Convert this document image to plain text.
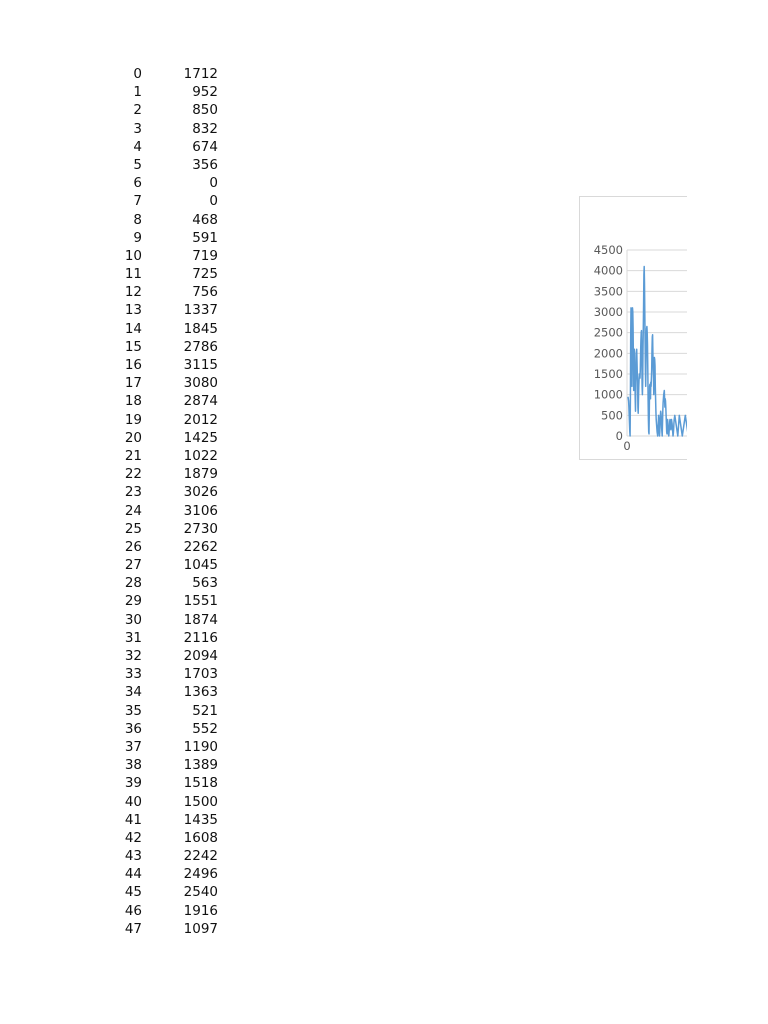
0	1712
1	952
2	850
3	832
4	674
5	356
6	0
7	0
8	468
9	591
10	719
11	725
12	756
13	1337
14	1845
15	2786
16	3115
17	3080
18	2874
19	2012
20	1425
21	1022
22	1879
23	3026
24	3106
25	2730
26	2262
27	1045
28	563
29	1551
30	1874
31	2116
32	2094
33	1703
34	1363
35	521
36	552
37	1190
38	1389
39	1518
40	1500
41	1435
42	1608
43	2242
44	2496
45	2540
46	1916
47	1097
0
500
1000
1500
2000
2500
3000
3500
4000
4500
0
